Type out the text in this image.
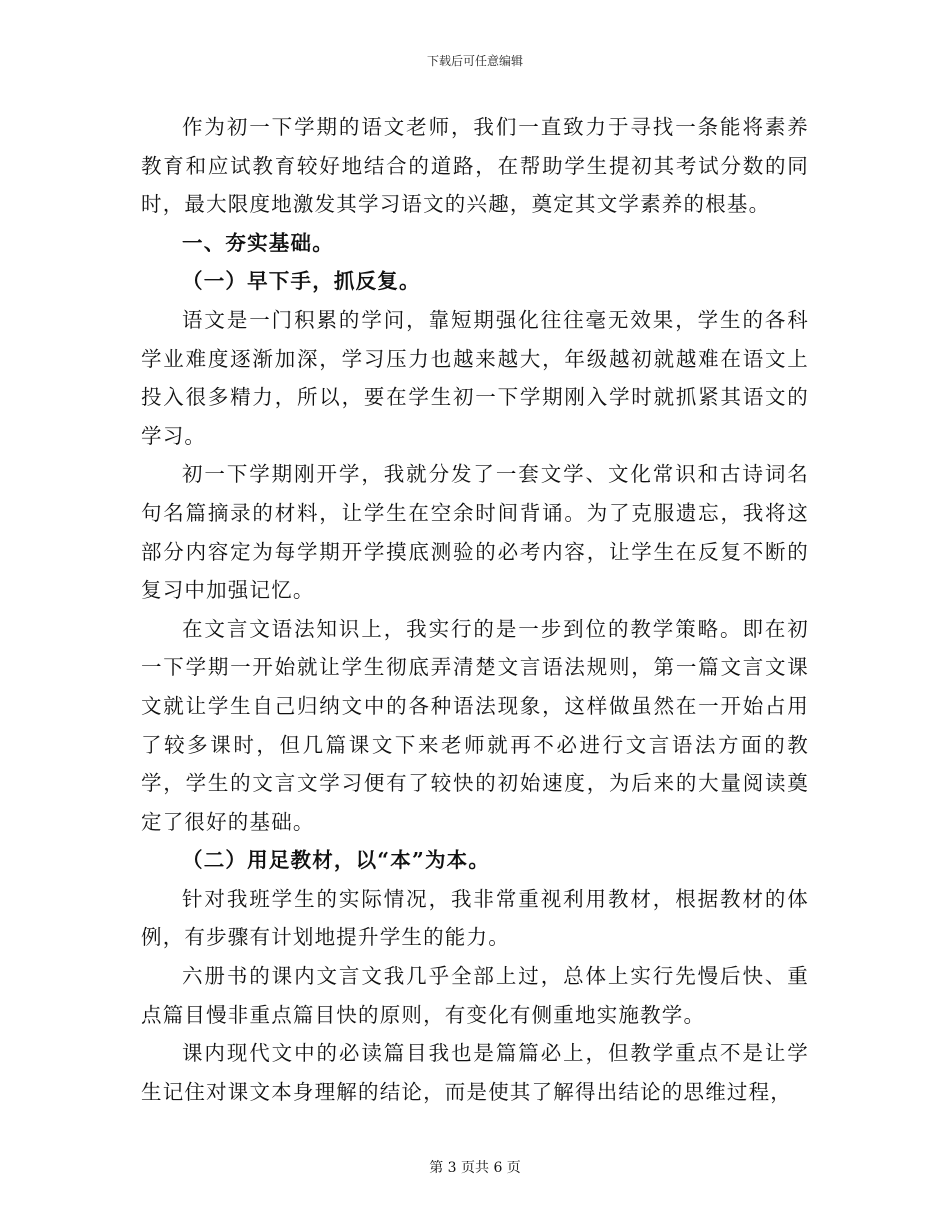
下载后可任意编辑

作为初一下学期的语文老师，我们一直致力于寻找一条能将素养教育和应试教育较好地结合的道路，在帮助学生提初其考试分数的同时，最大限度地激发其学习语文的兴趣，奠定其文学素养的根基。

一、夯实基础。

（一）早下手，抓反复。

语文是一门积累的学问，靠短期强化往往毫无效果，学生的各科学业难度逐渐加深，学习压力也越来越大，年级越初就越难在语文上投入很多精力，所以，要在学生初一下学期刚入学时就抓紧其语文的学习。

初一下学期刚开学，我就分发了一套文学、文化常识和古诗词名句名篇摘录的材料，让学生在空余时间背诵。为了克服遗忘，我将这部分内容定为每学期开学摸底测验的必考内容，让学生在反复不断的复习中加强记忆。

在文言文语法知识上，我实行的是一步到位的教学策略。即在初一下学期一开始就让学生彻底弄清楚文言语法规则，第一篇文言文课文就让学生自己归纳文中的各种语法现象，这样做虽然在一开始占用了较多课时，但几篇课文下来老师就再不必进行文言语法方面的教学，学生的文言文学习便有了较快的初始速度，为后来的大量阅读奠定了很好的基础。

（二）用足教材，以“本”为本。

针对我班学生的实际情况，我非常重视利用教材，根据教材的体例，有步骤有计划地提升学生的能力。

六册书的课内文言文我几乎全部上过，总体上实行先慢后快、重点篇目慢非重点篇目快的原则，有变化有侧重地实施教学。

课内现代文中的必读篇目我也是篇篇必上，但教学重点不是让学生记住对课文本身理解的结论，而是使其了解得出结论的思维过程，

第 3 页共 6 页
